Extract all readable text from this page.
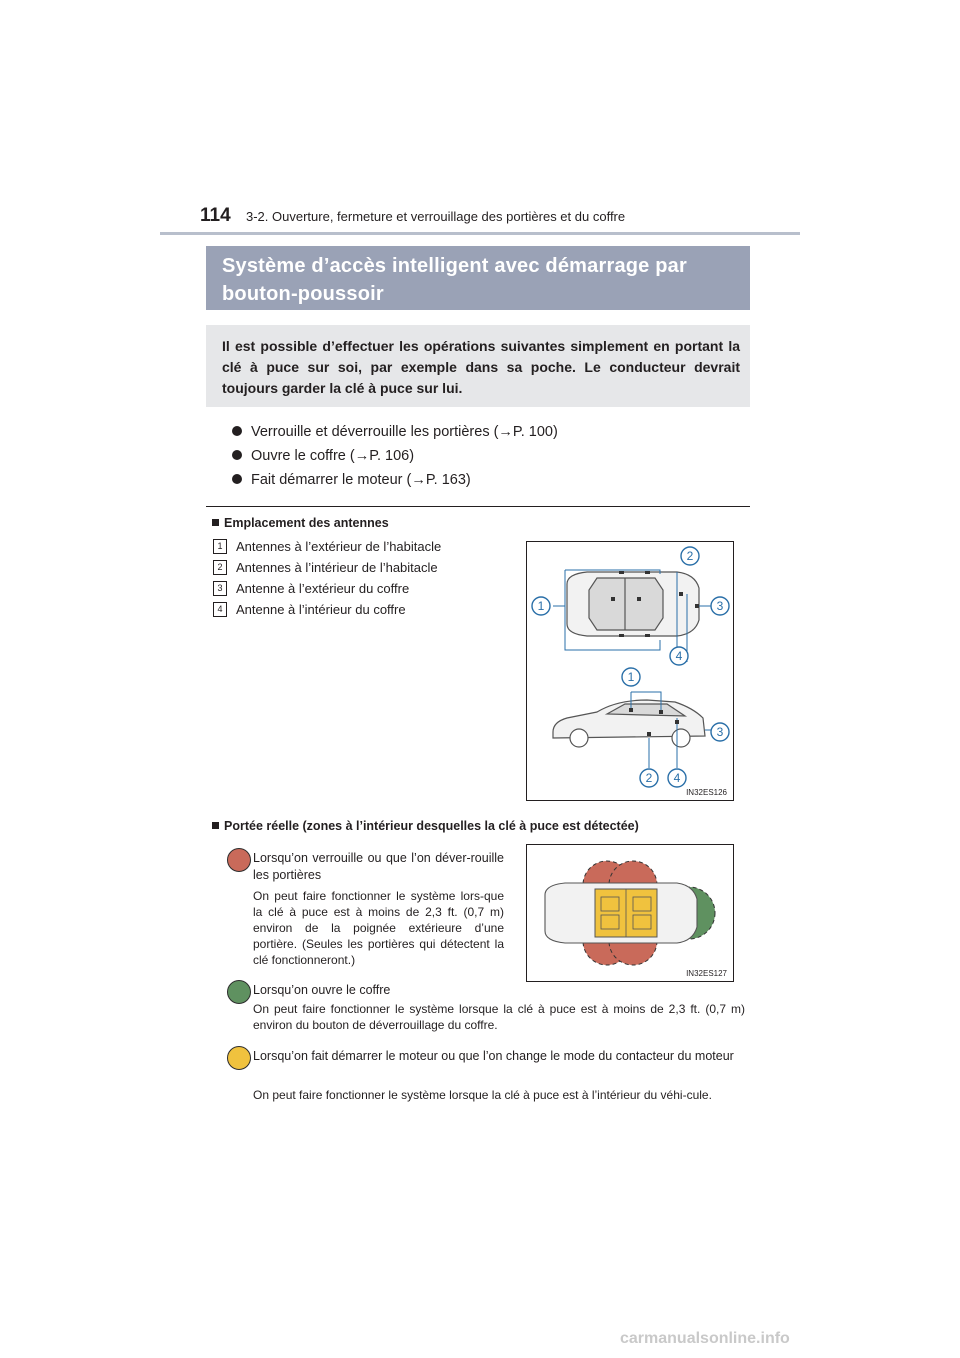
114 3-2. Ouverture, fermeture et verrouillage des portières et du coffre
Système d’accès intelligent avec démarrage par bouton-poussoir
Il est possible d’effectuer les opérations suivantes simplement en portant la clé à puce sur soi, par exemple dans sa poche. Le conducteur devrait toujours garder la clé à puce sur lui.
Verrouille et déverrouille les portières (→P. 100)
Ouvre le coffre (→P. 106)
Fait démarrer le moteur (→P. 163)
Emplacement des antennes
1 Antennes à l’extérieur de l’habitacle
2 Antennes à l’intérieur de l’habitacle
3 Antenne à l’extérieur du coffre
4 Antenne à l’intérieur du coffre	1
2
3
4
1
3
2 4
IN32ES126
Portée réelle (zones à l’intérieur desquelles la clé à puce est détectée)
IN32ES127
Lorsqu’on verrouille ou que l’on déver-rouille les portières
On peut faire fonctionner le système lors-que la clé à puce est à moins de 2,3 ft. (0,7 m) environ de la poignée extérieure d’une portière. (Seules les portières qui détectent la clé fonctionneront.)
Lorsqu’on ouvre le coffre
On peut faire fonctionner le système lorsque la clé à puce est à moins de 2,3 ft. (0,7 m) environ du bouton de déverrouillage du coffre.
Lorsqu’on fait démarrer le moteur ou que l’on change le mode du contacteur du moteur
On peut faire fonctionner le système lorsque la clé à puce est à l’intérieur du véhi-cule.
carmanualsonline.info
